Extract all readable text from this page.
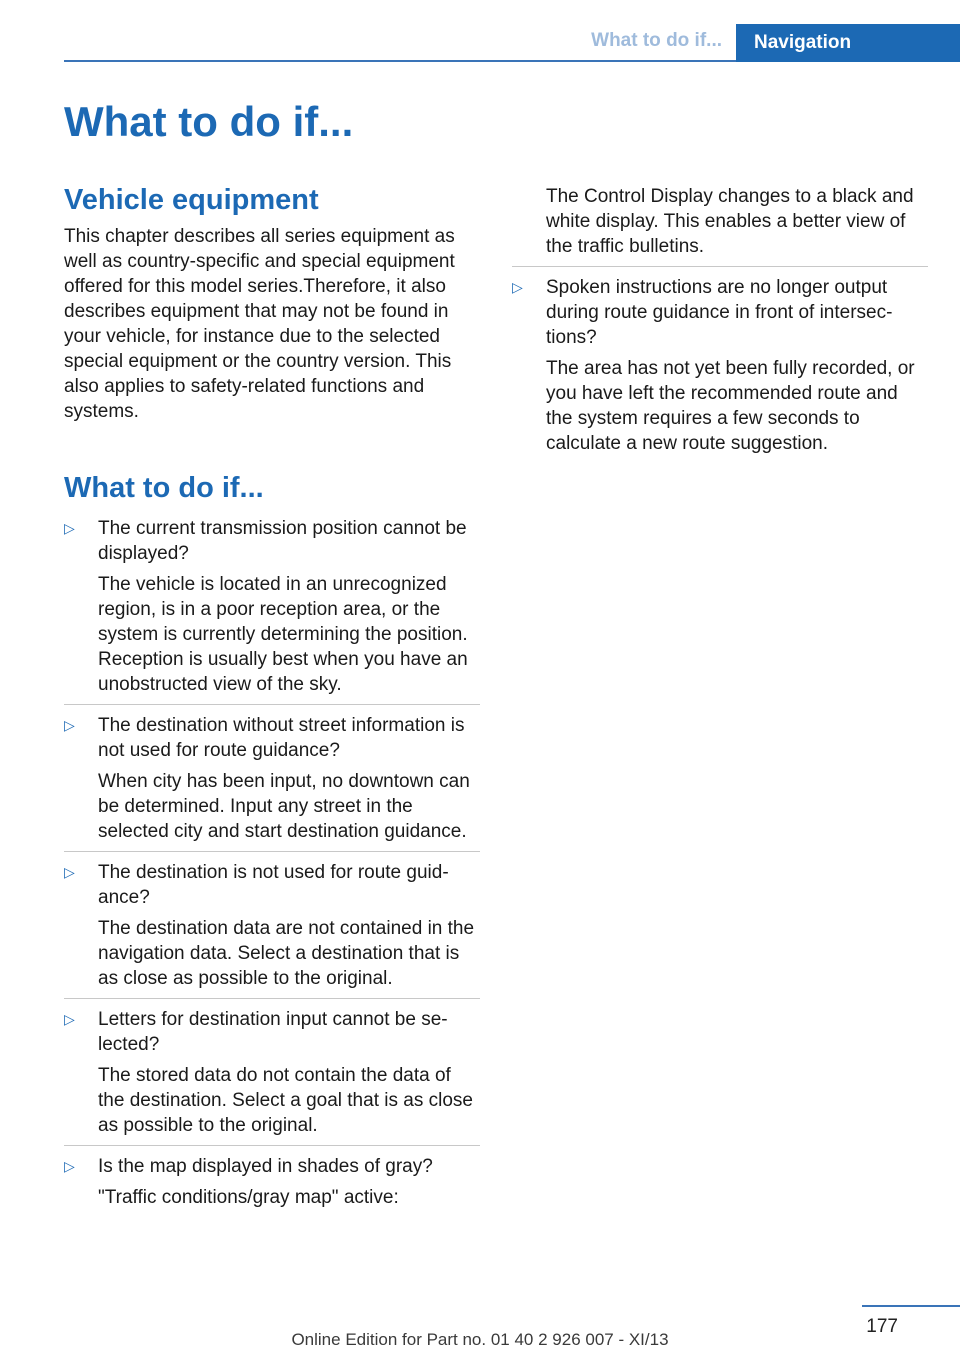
What to do if...	Navigation
What to do if...
Vehicle equipment

This chapter describes all series equipment as well as country-specific and special equipment offered for this model series.Therefore, it also describes equipment that may not be found in your vehicle, for instance due to the selected special equipment or the country version. This also applies to safety-related functions and systems.

What to do if...
▷ The current transmission position cannot be displayed?

The vehicle is located in an unrecognized region, is in a poor reception area, or the system is currently determining the position. Reception is usually best when you have an unobstructed view of the sky.

▷ The destination without street information is not used for route guidance?

When city has been input, no downtown can be determined. Input any street in the selected city and start destination guidance.

▷ The destination is not used for route guidance?

The destination data are not contained in the navigation data. Select a destination that is as close as possible to the original.

▷ Letters for destination input cannot be selected?

The stored data do not contain the data of the destination. Select a goal that is as close as possible to the original.

▷ Is the map displayed in shades of gray?

"Traffic conditions/gray map" active:

The Control Display changes to a black and white display. This enables a better view of the traffic bulletins.

▷ Spoken instructions are no longer output during route guidance in front of intersections?

The area has not yet been fully recorded, or you have left the recommended route and the system requires a few seconds to calculate a new route suggestion.

177
Online Edition for Part no. 01 40 2 926 007 - XI/13
